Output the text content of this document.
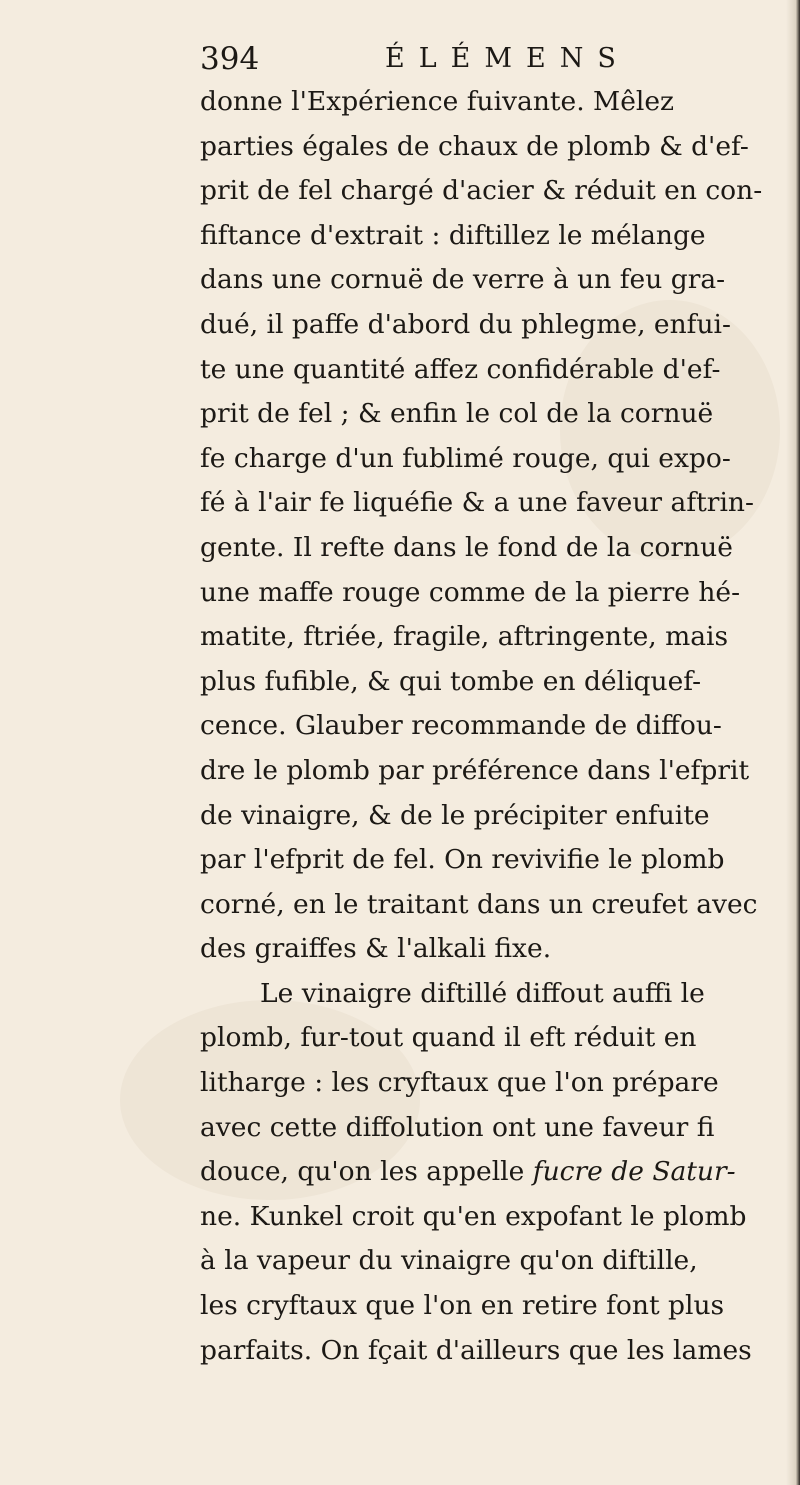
394	ÉLÉMENS
donne l'Expérience fuivante. Mêlez
parties égales de chaux de plomb & d'ef-
prit de fel chargé d'acier & réduit en con-
fiftance d'extrait : diftillez le mélange
dans une cornuë de verre à un feu gra-
dué, il paffe d'abord du phlegme, enfui-
te une quantité affez confidérable d'ef-
prit de fel ; & enfin le col de la cornuë
fe charge d'un fublimé rouge, qui expo-
fé à l'air fe liquéfie & a une faveur aftrin-
gente. Il refte dans le fond de la cornuë
une maffe rouge comme de la pierre hé-
matite, ftriée, fragile, aftringente, mais
plus fufible, & qui tombe en déliquef-
cence. Glauber recommande de diffou-
dre le plomb par préférence dans l'efprit
de vinaigre, & de le précipiter enfuite
par l'efprit de fel. On revivifie le plomb
corné, en le traitant dans un creufet avec
des graiffes & l'alkali fixe.
Le vinaigre diftillé diffout auffi le
plomb, fur-tout quand il eft réduit en
litharge : les cryftaux que l'on prépare
avec cette diffolution ont une faveur fi
douce, qu'on les appelle fucre de Satur-
ne. Kunkel croit qu'en expofant le plomb
à la vapeur du vinaigre qu'on diftille,
les cryftaux que l'on en retire font plus
parfaits. On fçait d'ailleurs que les lames
